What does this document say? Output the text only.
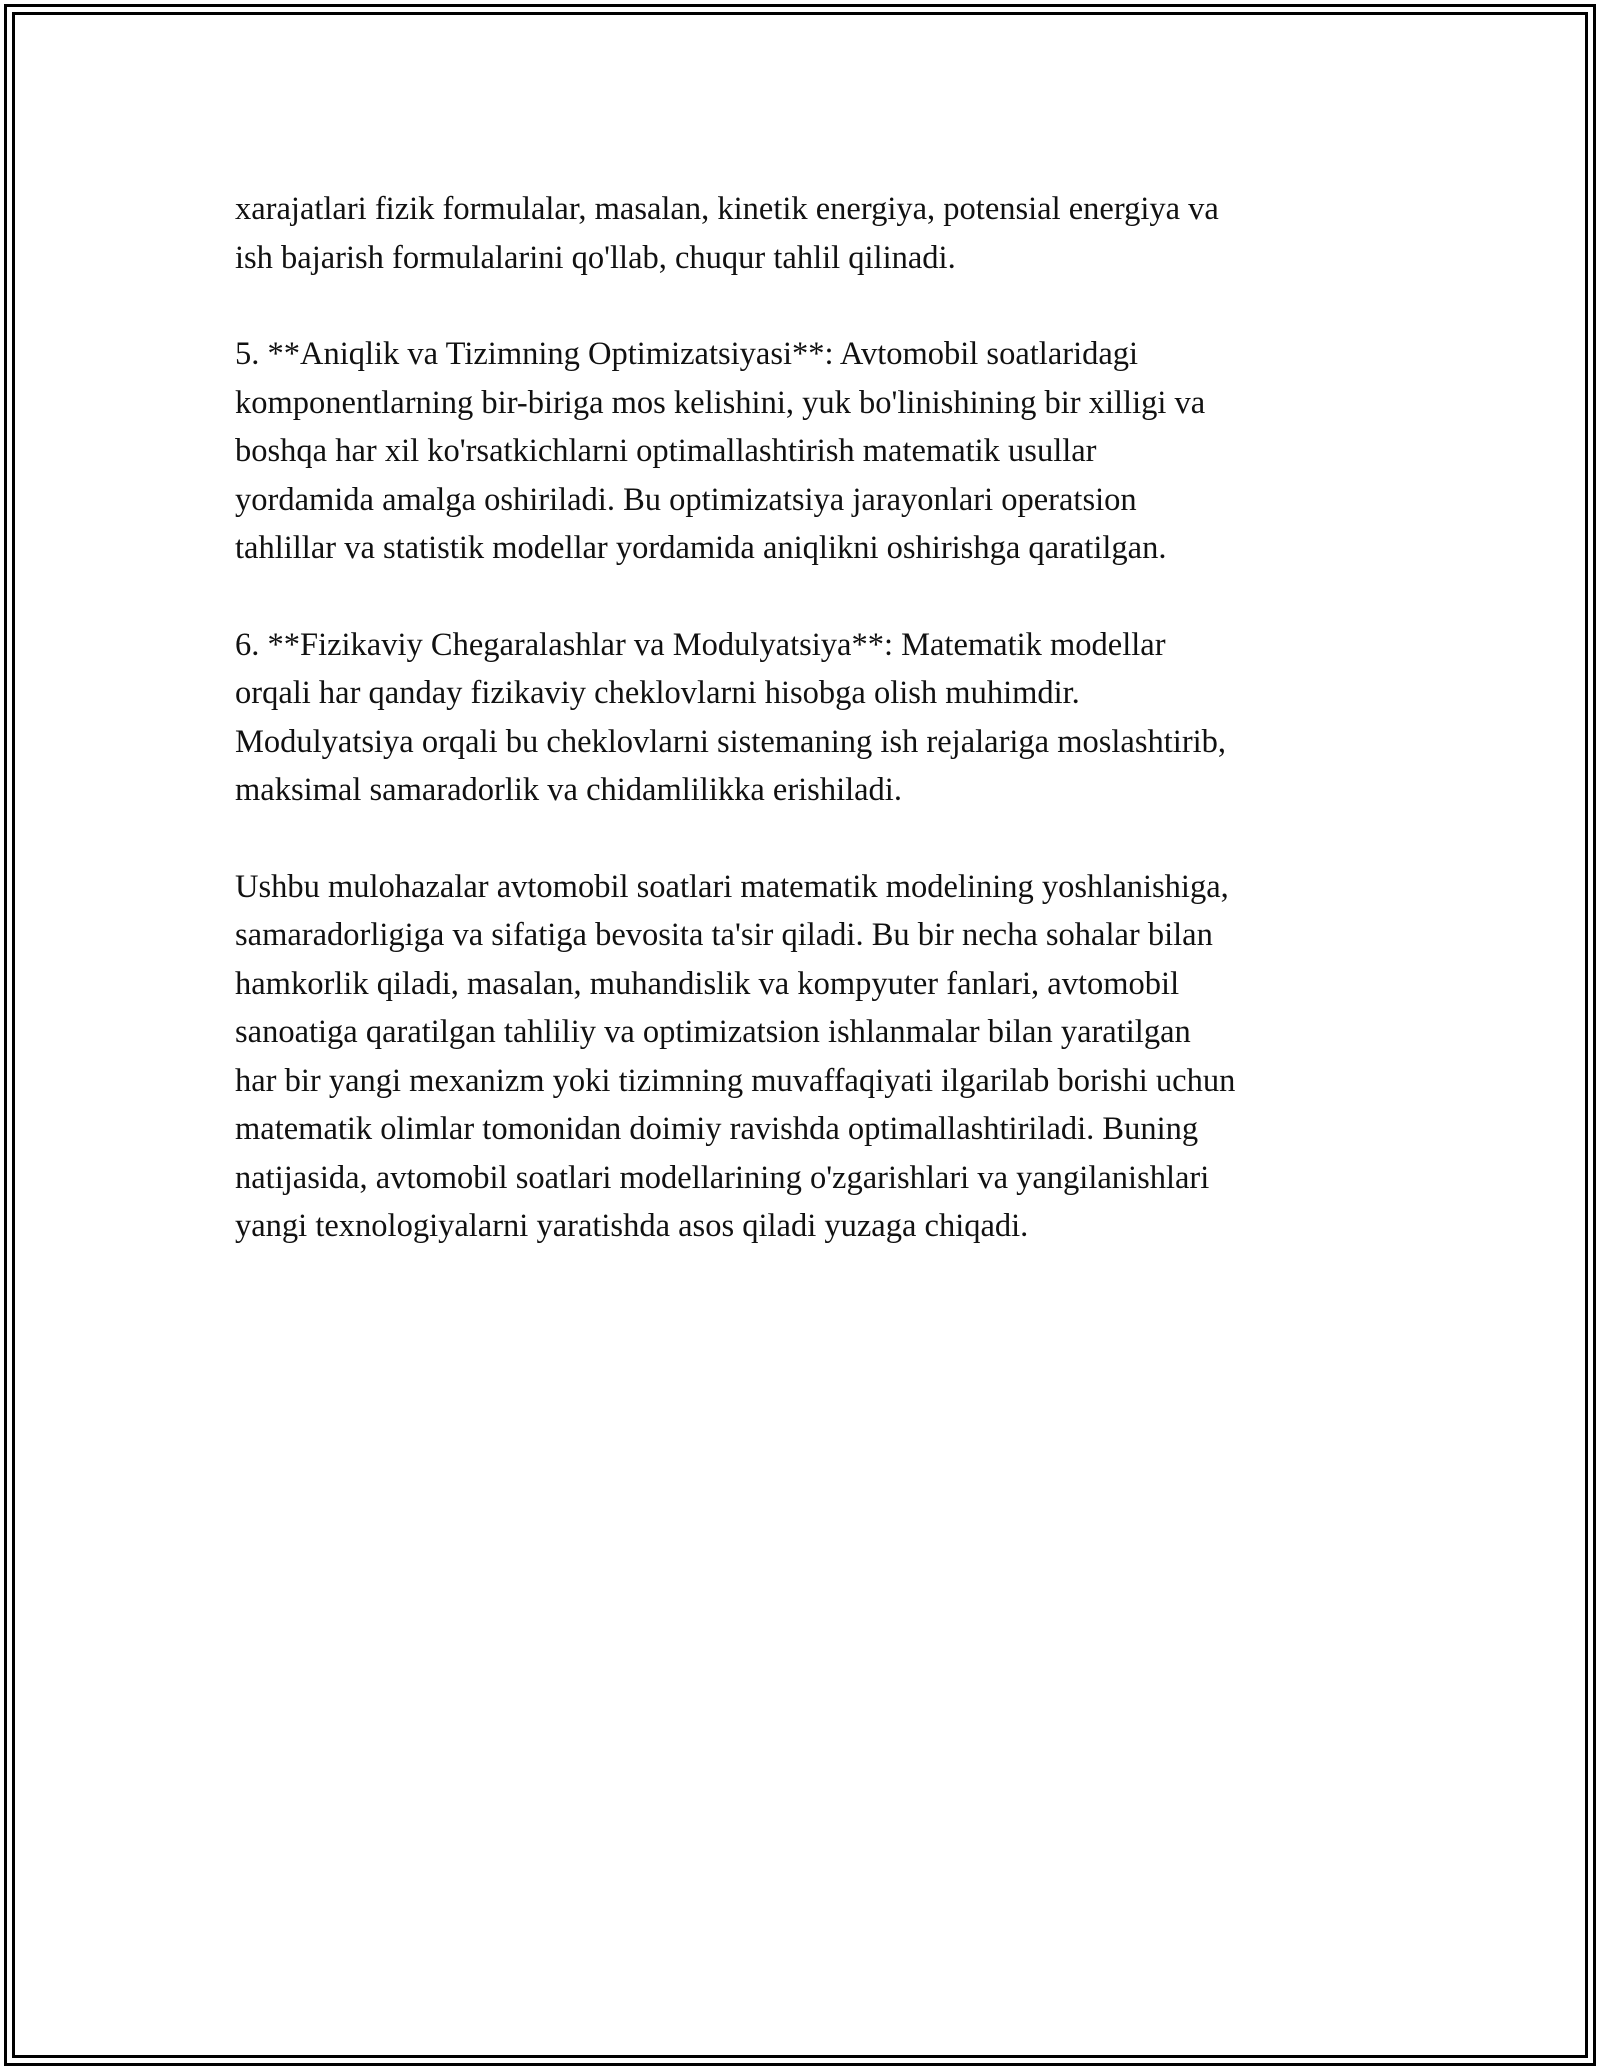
xarajatlari fizik formulalar, masalan, kinetik energiya, potensial energiya va
ish bajarish formulalarini qo'llab, chuqur tahlil qilinadi.

5. **Aniqlik va Tizimning Optimizatsiyasi**: Avtomobil soatlaridagi
komponentlarning bir-biriga mos kelishini, yuk bo'linishining bir xilligi va
boshqa har xil ko'rsatkichlarni optimallashtirish matematik usullar
yordamida amalga oshiriladi. Bu optimizatsiya jarayonlari operatsion
tahlillar va statistik modellar yordamida aniqlikni oshirishga qaratilgan.

6. **Fizikaviy Chegaralashlar va Modulyatsiya**: Matematik modellar
orqali har qanday fizikaviy cheklovlarni hisobga olish muhimdir.
Modulyatsiya orqali bu cheklovlarni sistemaning ish rejalariga moslashtirib,
maksimal samaradorlik va chidamlilikka erishiladi.

Ushbu mulohazalar avtomobil soatlari matematik modelining yoshlanishiga,
samaradorligiga va sifatiga bevosita ta'sir qiladi. Bu bir necha sohalar bilan
hamkorlik qiladi, masalan, muhandislik va kompyuter fanlari, avtomobil
sanoatiga qaratilgan tahliliy va optimizatsion ishlanmalar bilan yaratilgan
har bir yangi mexanizm yoki tizimning muvaffaqiyati ilgarilab borishi uchun
matematik olimlar tomonidan doimiy ravishda optimallashtiriladi. Buning
natijasida, avtomobil soatlari modellarining o'zgarishlari va yangilanishlari
yangi texnologiyalarni yaratishda asos qiladi yuzaga chiqadi.
